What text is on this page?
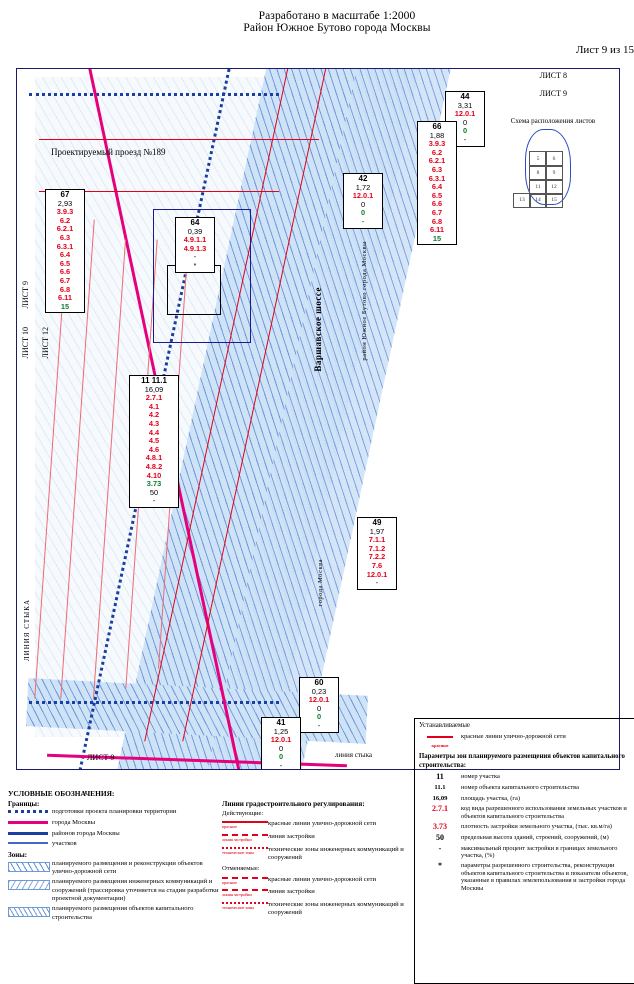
Разработано в масштабе 1:2000
Район Южное Бутово города Москвы
Лист 9 из 15
Варшавское шоссе	район Южное Бутово города Москвы
города Москва
Проектируемый проезд №189
ЛИСТ 8
ЛИСТ 9
ЛИСТ 9
ЛИСТ 10 ЛИСТ 12
ЛИНИЯ СТЫКА
ЛИСТ 9	линия стыка
Схема расположения листов
5	6
8	9
11	12
13	14	15
44
3,31
12.0.1
0
0
-
66
1,88
3.9.3
6.2
6.2.1
6.3
6.3.1
6.4
6.5
6.6
6.7
6.8
6.11
15
42
1,72
12.0.1
0
0
-
67
2,93
3.9.3
6.2
6.2.1
6.3
6.3.1
6.4
6.5
6.6
6.7
6.8
6.11
15
64
0,39
4.9.1.1
4.9.1.3
-
*
11 11.1
16,09
2.7.1
4.1
4.2
4.3
4.4
4.5
4.6
4.8.1
4.8.2
4.10
3.73
50
-
49
1,97
7.1.1
7.1.2
7.2.2
7.6
12.0.1
-
60
0,23
12.0.1
0
0
-
41
1,25
12.0.1
0
0
-
УСЛОВНЫЕ ОБОЗНАЧЕНИЯ:
Границы:
подготовки проекта планировки территории
города Москвы
районов города Москвы
участков
Зоны:
планируемого размещения и реконструкции объектов улично-дорожной сети
планируемого размещения инженерных коммуникаций и сооружений (трассировка уточняется на стадии разработки проектной документации)
планируемого размещения объектов капитального строительства
Линии градостроительного регулирования:
Действующие:
красные	красные линии улично-дорожной сети
линия застройки	линия застройки
технические зоны	технические зоны инженерных коммуникаций и сооружений
Отменяемые:
красные	красные линии улично-дорожной сети
линия застройки	линия застройки
технические зоны	технические зоны инженерных коммуникаций и сооружений
Устанавливаемые
красные
красные линии улично-дорожной сети
Параметры зон планируемого размещения объектов капитального строительства:
11	номер участка
11.1	номер объекта капитального строительства
16,09	площадь участка, (га)
2.7.1	код вида разрешенного использования земельных участков и объектов капитального строительства
3.73	плотность застройки земельного участка, (тыс. кв.м/га)
50	предельная высота зданий, строений, сооружений, (м)
-	максимальный процент застройки в границах земельного участка, (%)
*	параметры разрешенного строительства, реконструкции объектов капитального строительства и показатели объектов, указанные в правилах землепользования и застройки города Москвы
